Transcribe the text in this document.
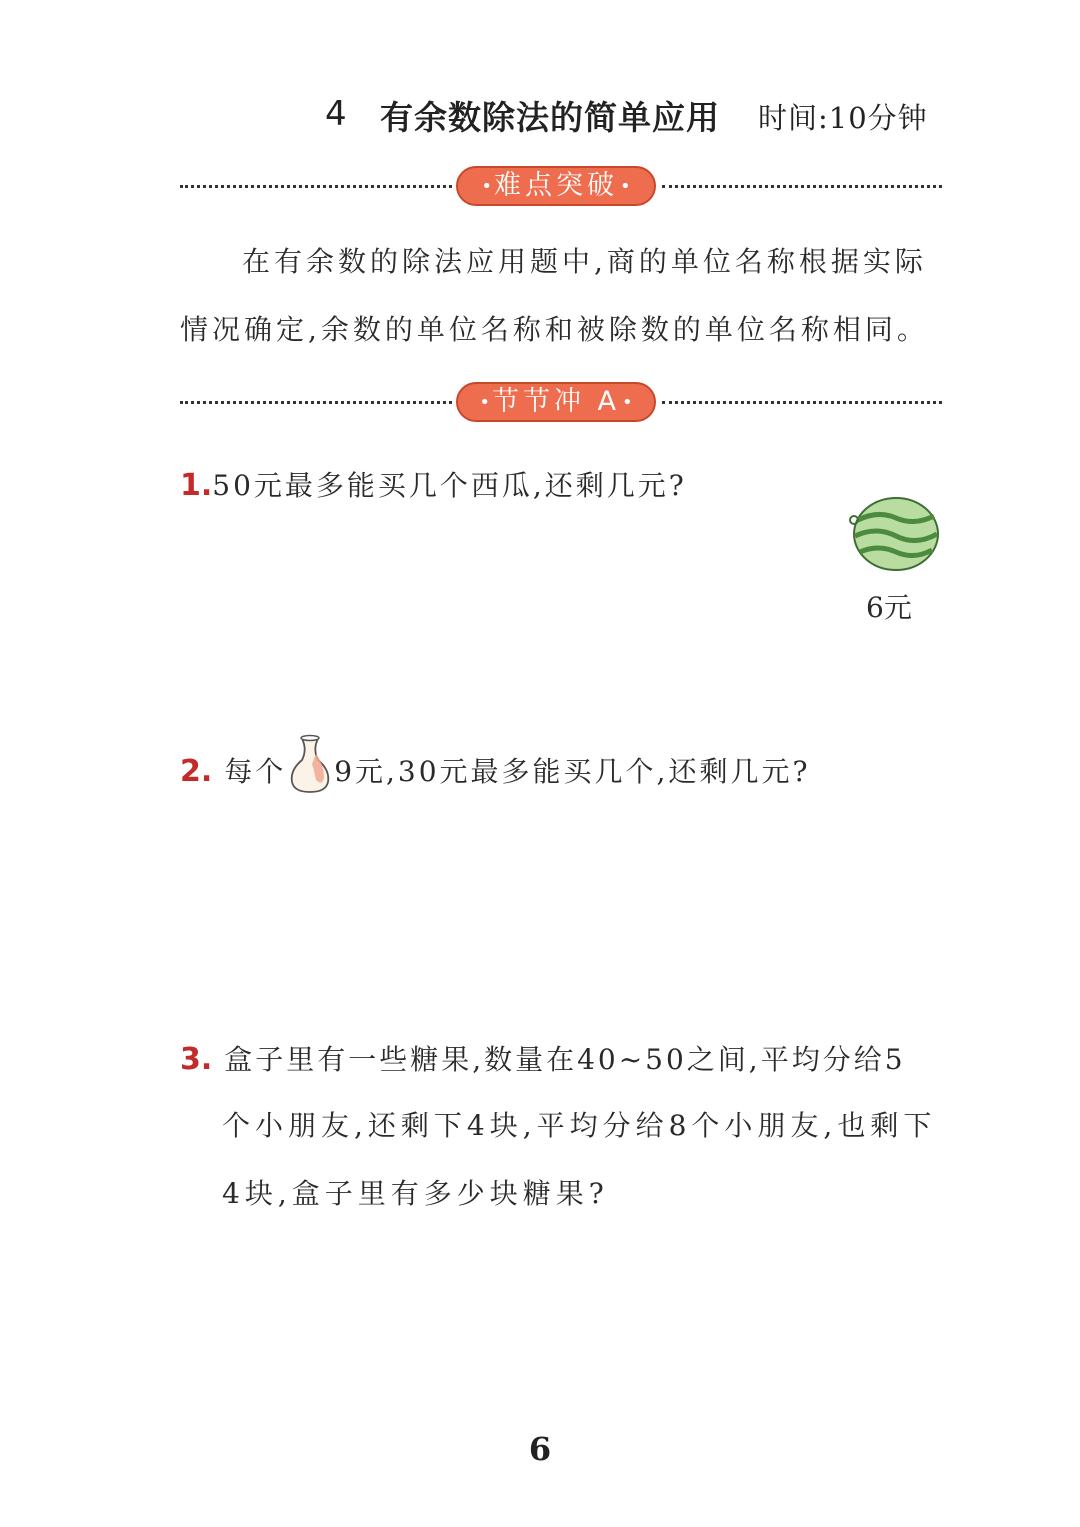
4 有余数除法的简单应用 时间:10分钟
•难点突破 •
在有余数的除法应用题中,商的单位名称根据实际
情况确定,余数的单位名称和被除数的单位名称相同。
•节节冲 A •
1.50元最多能买几个西瓜,还剩几元?
6元
2. 每个 9元,30元最多能买几个,还剩几元?
3. 盒子里有一些糖果,数量在40~50之间,平均分给5
个小朋友,还剩下4块,平均分给8个小朋友,也剩下
4块,盒子里有多少块糖果?
6
